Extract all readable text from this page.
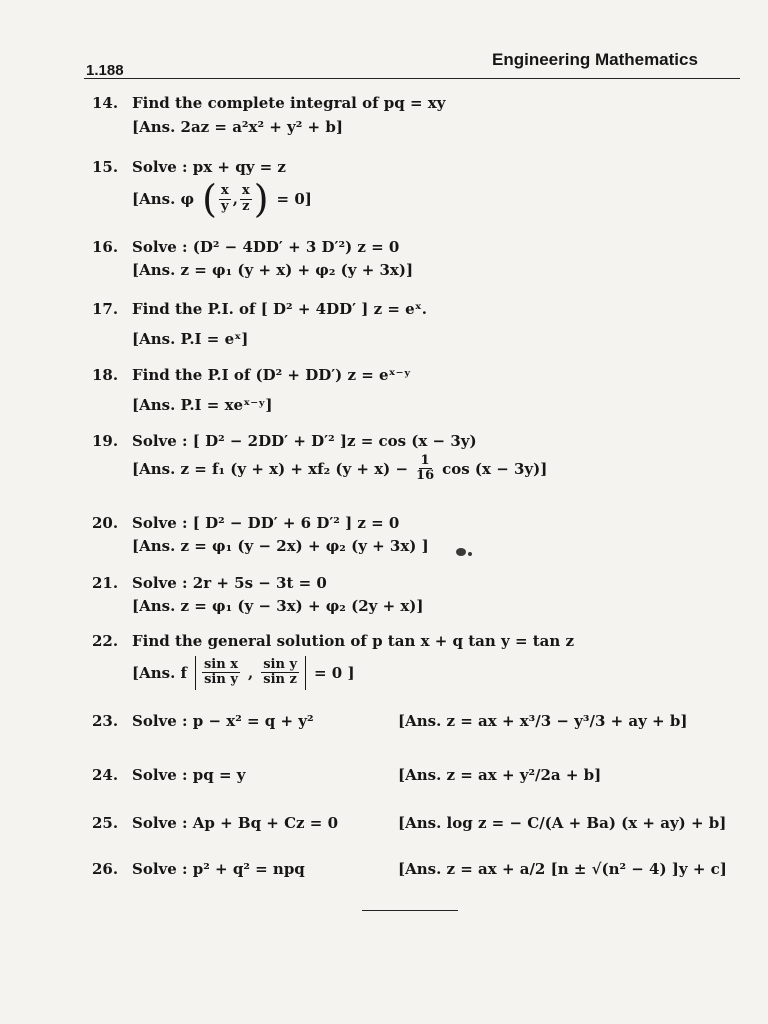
1.188
Engineering Mathematics
14. Find the complete integral of pq = xy
[Ans. 2az = a²x² + y² + b]
15. Solve : px + qy = z
[Ans. φ ( $\frac{x}{y}$ , $\frac{x}{z}$ ) = 0]
16. Solve : (D² − 4DD′ + 3 D′²) z = 0
[Ans. z = φ₁ (y + x) + φ₂ (y + 3x)]
17. Find the P.I. of [ D² + 4DD′ ] z = eˣ.
[Ans. P.I = eˣ]
18. Find the P.I of (D² + DD′) z = eˣ⁻ʸ
[Ans. P.I = xeˣ⁻ʸ]
19. Solve : [ D² − 2DD′ + D′² ]z = cos (x − 3y)
[Ans. z = f₁ (y + x) + xf₂ $(y + x) - \frac{1}{16}$ cos (x − 3y)]
20. Solve : [ D² − DD′ + 6 D′² ] z = 0
[Ans. z = φ₁ (y − 2x) + φ₂ (y + 3x) ]
21. Solve : 2r + 5s − 3t = 0
[Ans. z = φ₁ (y − 3x) + φ₂ (2y + x)]
22. Find the general solution of p tan x + q tan y = tan z
[Ans. f $\frac{\text{sin x}}{\text{sin y}}$ , $\frac{\text{sin y}}{\text{sin z}} = 0$ ]
23. Solve : p − x² = q + y²	[Ans. z = ax + x³/3 − y³/3 + ay + b]
24. Solve : pq = y	[Ans. z = ax + y²/2a + b]
25. Solve : Ap + Bq + Cz = 0	[Ans. log z = − C/(A + Ba) (x + ay) + b]
26. Solve : p² + q² = npq	[Ans. z = ax + a/2 [n ± √(n² − 4) ]y + c]
